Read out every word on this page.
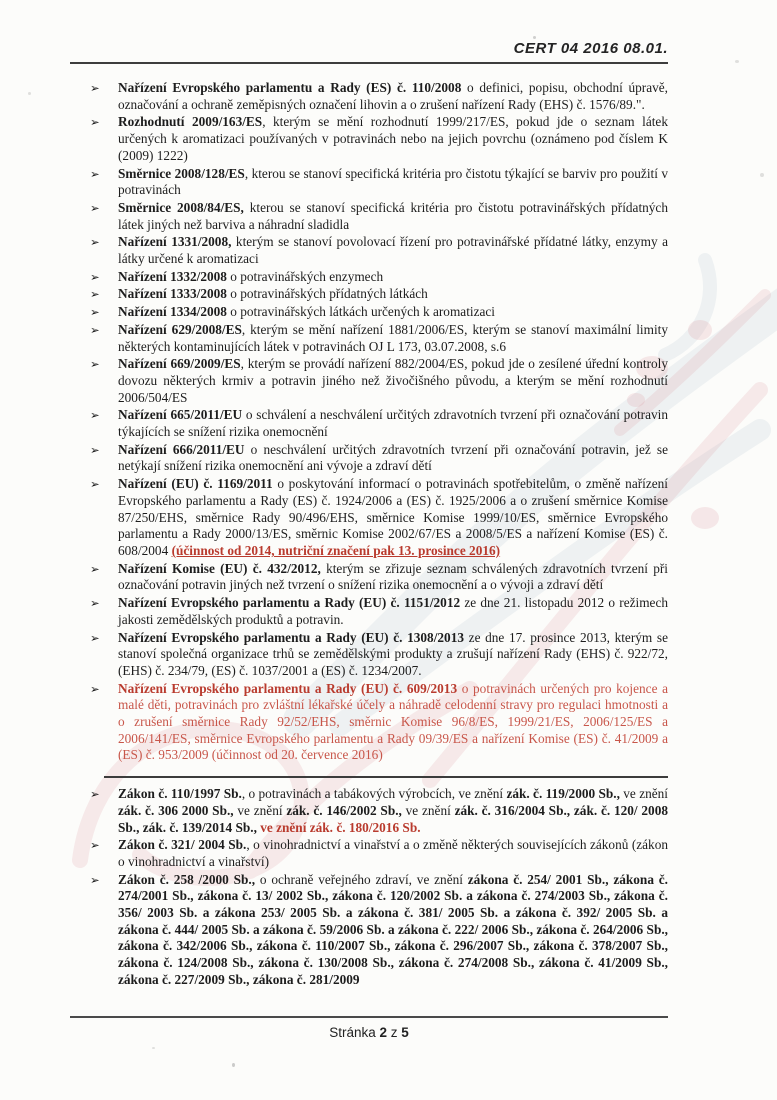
CERT 04 2016 08.01.
➢ Nařízení Evropského parlamentu a Rady (ES) č. 110/2008 o definici, popisu, obchodní úpravě, označování a ochraně zeměpisných označení lihovin a o zrušení nařízení Rady (EHS) č. 1576/89.".
➢ Rozhodnutí 2009/163/ES, kterým se mění rozhodnutí 1999/217/ES, pokud jde o seznam látek určených k aromatizaci používaných v potravinách nebo na jejich povrchu (oznámeno pod číslem K (2009) 1222)
➢ Směrnice 2008/128/ES, kterou se stanoví specifická kritéria pro čistotu týkající se barviv pro použití v potravinách
➢ Směrnice 2008/84/ES, kterou se stanoví specifická kritéria pro čistotu potravinářských přídatných látek jiných než barviva a náhradní sladidla
➢ Nařízení 1331/2008, kterým se stanoví povolovací řízení pro potravinářské přídatné látky, enzymy a látky určené k aromatizaci
➢ Nařízení 1332/2008 o potravinářských enzymech
➢ Nařízení 1333/2008 o potravinářských přídatných látkách
➢ Nařízení 1334/2008 o potravinářských látkách určených k aromatizaci
➢ Nařízení 629/2008/ES, kterým se mění nařízení 1881/2006/ES, kterým se stanoví maximální limity některých kontaminujících látek v potravinách OJ L 173, 03.07.2008, s.6
➢ Nařízení 669/2009/ES, kterým se provádí nařízení 882/2004/ES, pokud jde o zesílené úřední kontroly dovozu některých krmiv a potravin jiného než živočišného původu, a kterým se mění rozhodnutí 2006/504/ES
➢ Nařízení 665/2011/EU o schválení a neschválení určitých zdravotních tvrzení při označování potravin týkajících se snížení rizika onemocnění
➢ Nařízení 666/2011/EU o neschválení určitých zdravotních tvrzení při označování potravin, jež se netýkají snížení rizika onemocnění ani vývoje a zdraví dětí
➢ Nařízení (EU) č. 1169/2011 o poskytování informací o potravinách spotřebitelům, o změně nařízení Evropského parlamentu a Rady (ES) č. 1924/2006 a (ES) č. 1925/2006 a o zrušení směrnice Komise 87/250/EHS, směrnice Rady 90/496/EHS, směrnice Komise 1999/10/ES, směrnice Evropského parlamentu a Rady 2000/13/ES, směrnic Komise 2002/67/ES a 2008/5/ES a nařízení Komise (ES) č. 608/2004 (účinnost od 2014, nutriční značení pak 13. prosince 2016)
➢ Nařízení Komise (EU) č. 432/2012, kterým se zřizuje seznam schválených zdravotních tvrzení při označování potravin jiných než tvrzení o snížení rizika onemocnění a o vývoji a zdraví dětí
➢ Nařízení Evropského parlamentu a Rady (EU) č. 1151/2012 ze dne 21. listopadu 2012 o režimech jakosti zemědělských produktů a potravin.
➢ Nařízení Evropského parlamentu a Rady (EU) č. 1308/2013 ze dne 17. prosince 2013, kterým se stanoví společná organizace trhů se zemědělskými produkty a zrušují nařízení Rady (EHS) č. 922/72, (EHS) č. 234/79, (ES) č. 1037/2001 a (ES) č. 1234/2007.
➢ Nařízení Evropského parlamentu a Rady (EU) č. 609/2013 o potravinách určených pro kojence a malé děti, potravinách pro zvláštní lékařské účely a náhradě celodenní stravy pro regulaci hmotnosti a o zrušení směrnice Rady 92/52/EHS, směrnic Komise 96/8/ES, 1999/21/ES, 2006/125/ES a 2006/141/ES, směrnice Evropského parlamentu a Rady 09/39/ES a nařízení Komise (ES) č. 41/2009 a (ES) č. 953/2009 (účinnost od 20. července 2016)
➢ Zákon č. 110/1997 Sb., o potravinách a tabákových výrobcích, ve znění zák. č. 119/2000 Sb., ve znění zák. č. 306 2000 Sb., ve znění zák. č. 146/2002 Sb., ve znění zák. č. 316/2004 Sb., zák. č. 120/ 2008 Sb., zák. č. 139/2014 Sb., ve znění zák. č. 180/2016 Sb.
➢ Zákon č. 321/ 2004 Sb., o vinohradnictví a vinařství a o změně některých souvisejících zákonů (zákon o vinohradnictví a vinařství)
➢ Zákon č. 258 /2000 Sb., o ochraně veřejného zdraví, ve znění zákona č. 254/ 2001 Sb., zákona č. 274/2001 Sb., zákona č. 13/ 2002 Sb., zákona č. 120/2002 Sb. a zákona č. 274/2003 Sb., zákona č. 356/ 2003 Sb. a zákona 253/ 2005 Sb. a zákona č. 381/ 2005 Sb. a zákona č. 392/ 2005 Sb. a zákona č. 444/ 2005 Sb. a zákona č. 59/2006 Sb. a zákona č. 222/ 2006 Sb., zákona č. 264/2006 Sb., zákona č. 342/2006 Sb., zákona č. 110/2007 Sb., zákona č. 296/2007 Sb., zákona č. 378/2007 Sb., zákona č. 124/2008 Sb., zákona č. 130/2008 Sb., zákona č. 274/2008 Sb., zákona č. 41/2009 Sb., zákona č. 227/2009 Sb., zákona č. 281/2009
Stránka 2 z 5
